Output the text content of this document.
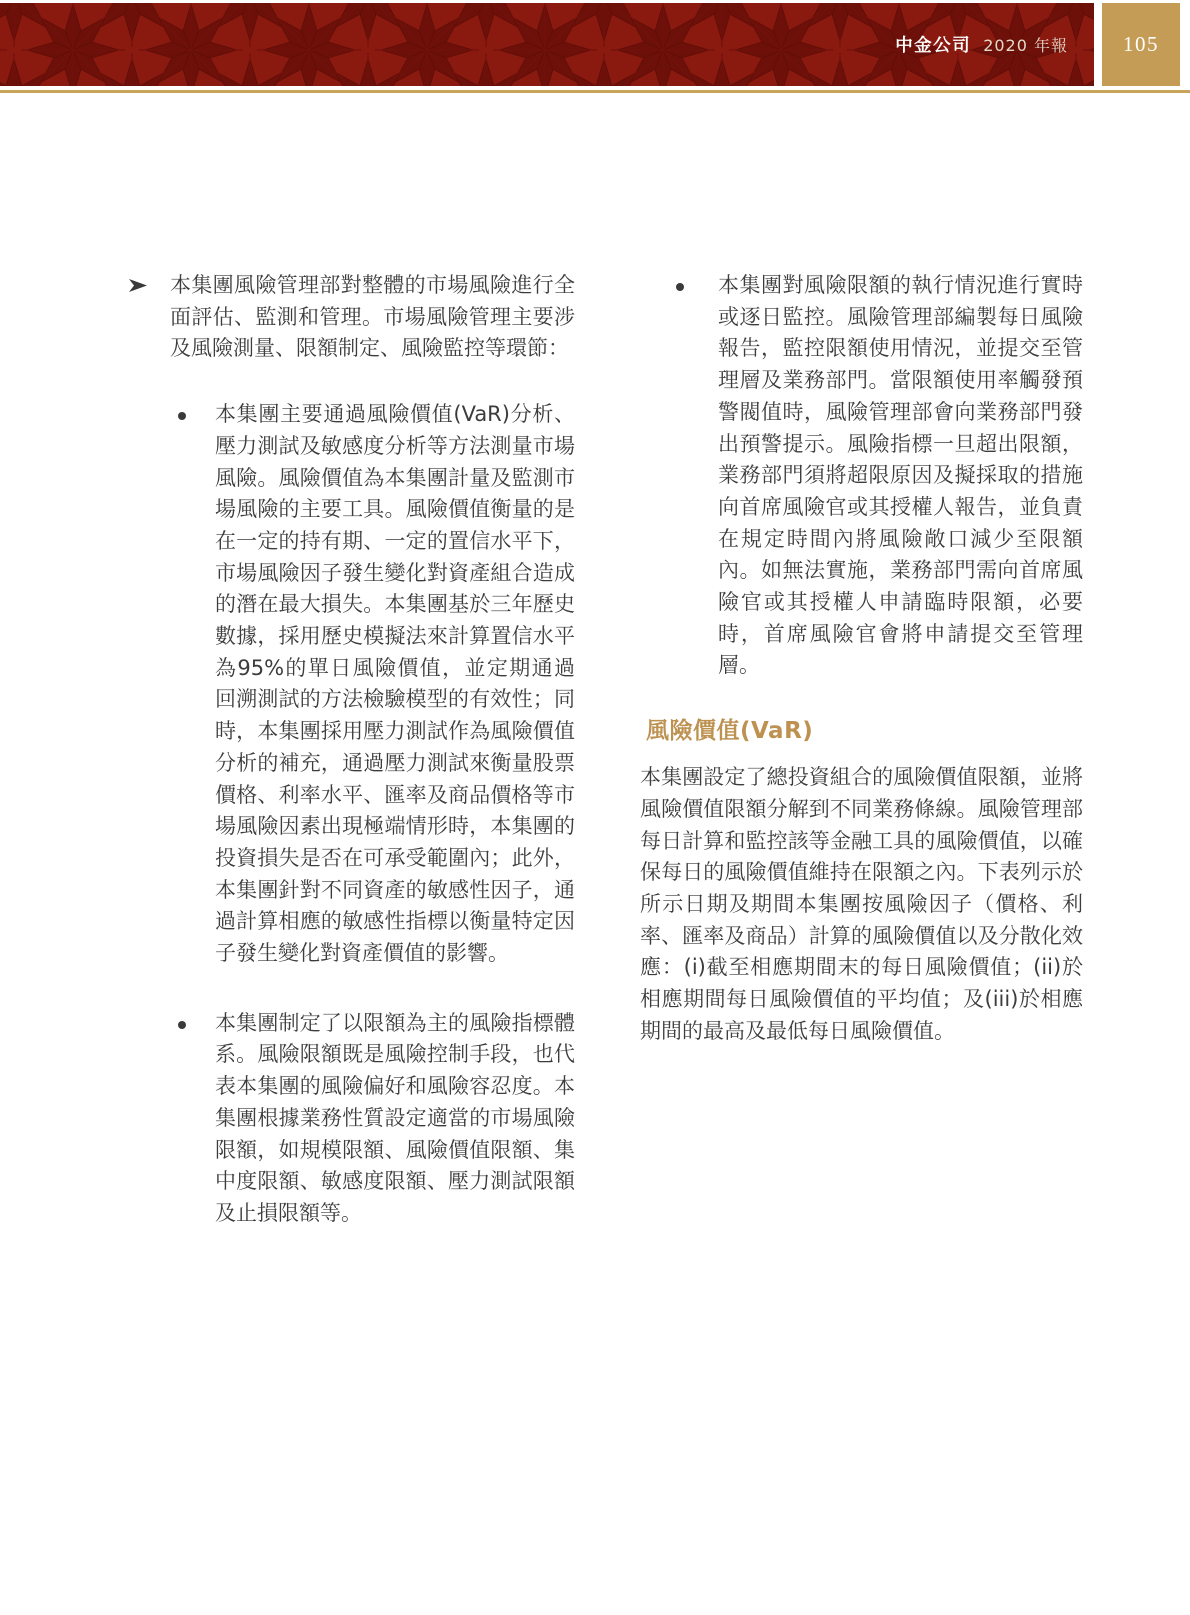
中金公司 2020 年報	105
本集團風險管理部對整體的市場風險進行全面評估、監測和管理。市場風險管理主要涉及風險測量、限額制定、風險監控等環節：
本集團主要通過風險價值(VaR)分析、壓力測試及敏感度分析等方法測量市場風險。風險價值為本集團計量及監測市場風險的主要工具。風險價值衡量的是在一定的持有期、一定的置信水平下，市場風險因子發生變化對資產組合造成的潛在最大損失。本集團基於三年歷史數據，採用歷史模擬法來計算置信水平為95%的單日風險價值，並定期通過回溯測試的方法檢驗模型的有效性；同時，本集團採用壓力測試作為風險價值分析的補充，通過壓力測試來衡量股票價格、利率水平、匯率及商品價格等市場風險因素出現極端情形時，本集團的投資損失是否在可承受範圍內；此外，本集團針對不同資產的敏感性因子，通過計算相應的敏感性指標以衡量特定因子發生變化對資產價值的影響。
本集團制定了以限額為主的風險指標體系。風險限額既是風險控制手段，也代表本集團的風險偏好和風險容忍度。本集團根據業務性質設定適當的市場風險限額，如規模限額、風險價值限額、集中度限額、敏感度限額、壓力測試限額及止損限額等。
本集團對風險限額的執行情況進行實時或逐日監控。風險管理部編製每日風險報告，監控限額使用情況，並提交至管理層及業務部門。當限額使用率觸發預警閥值時，風險管理部會向業務部門發出預警提示。風險指標一旦超出限額，業務部門須將超限原因及擬採取的措施向首席風險官或其授權人報告，並負責在規定時間內將風險敞口減少至限額內。如無法實施，業務部門需向首席風險官或其授權人申請臨時限額，必要時，首席風險官會將申請提交至管理層。
風險價值(VaR)

本集團設定了總投資組合的風險價值限額，並將風險價值限額分解到不同業務條線。風險管理部每日計算和監控該等金融工具的風險價值，以確保每日的風險價值維持在限額之內。下表列示於所示日期及期間本集團按風險因子（價格、利率、匯率及商品）計算的風險價值以及分散化效應：(i)截至相應期間末的每日風險價值；(ii)於相應期間每日風險價值的平均值；及(iii)於相應期間的最高及最低每日風險價值。
